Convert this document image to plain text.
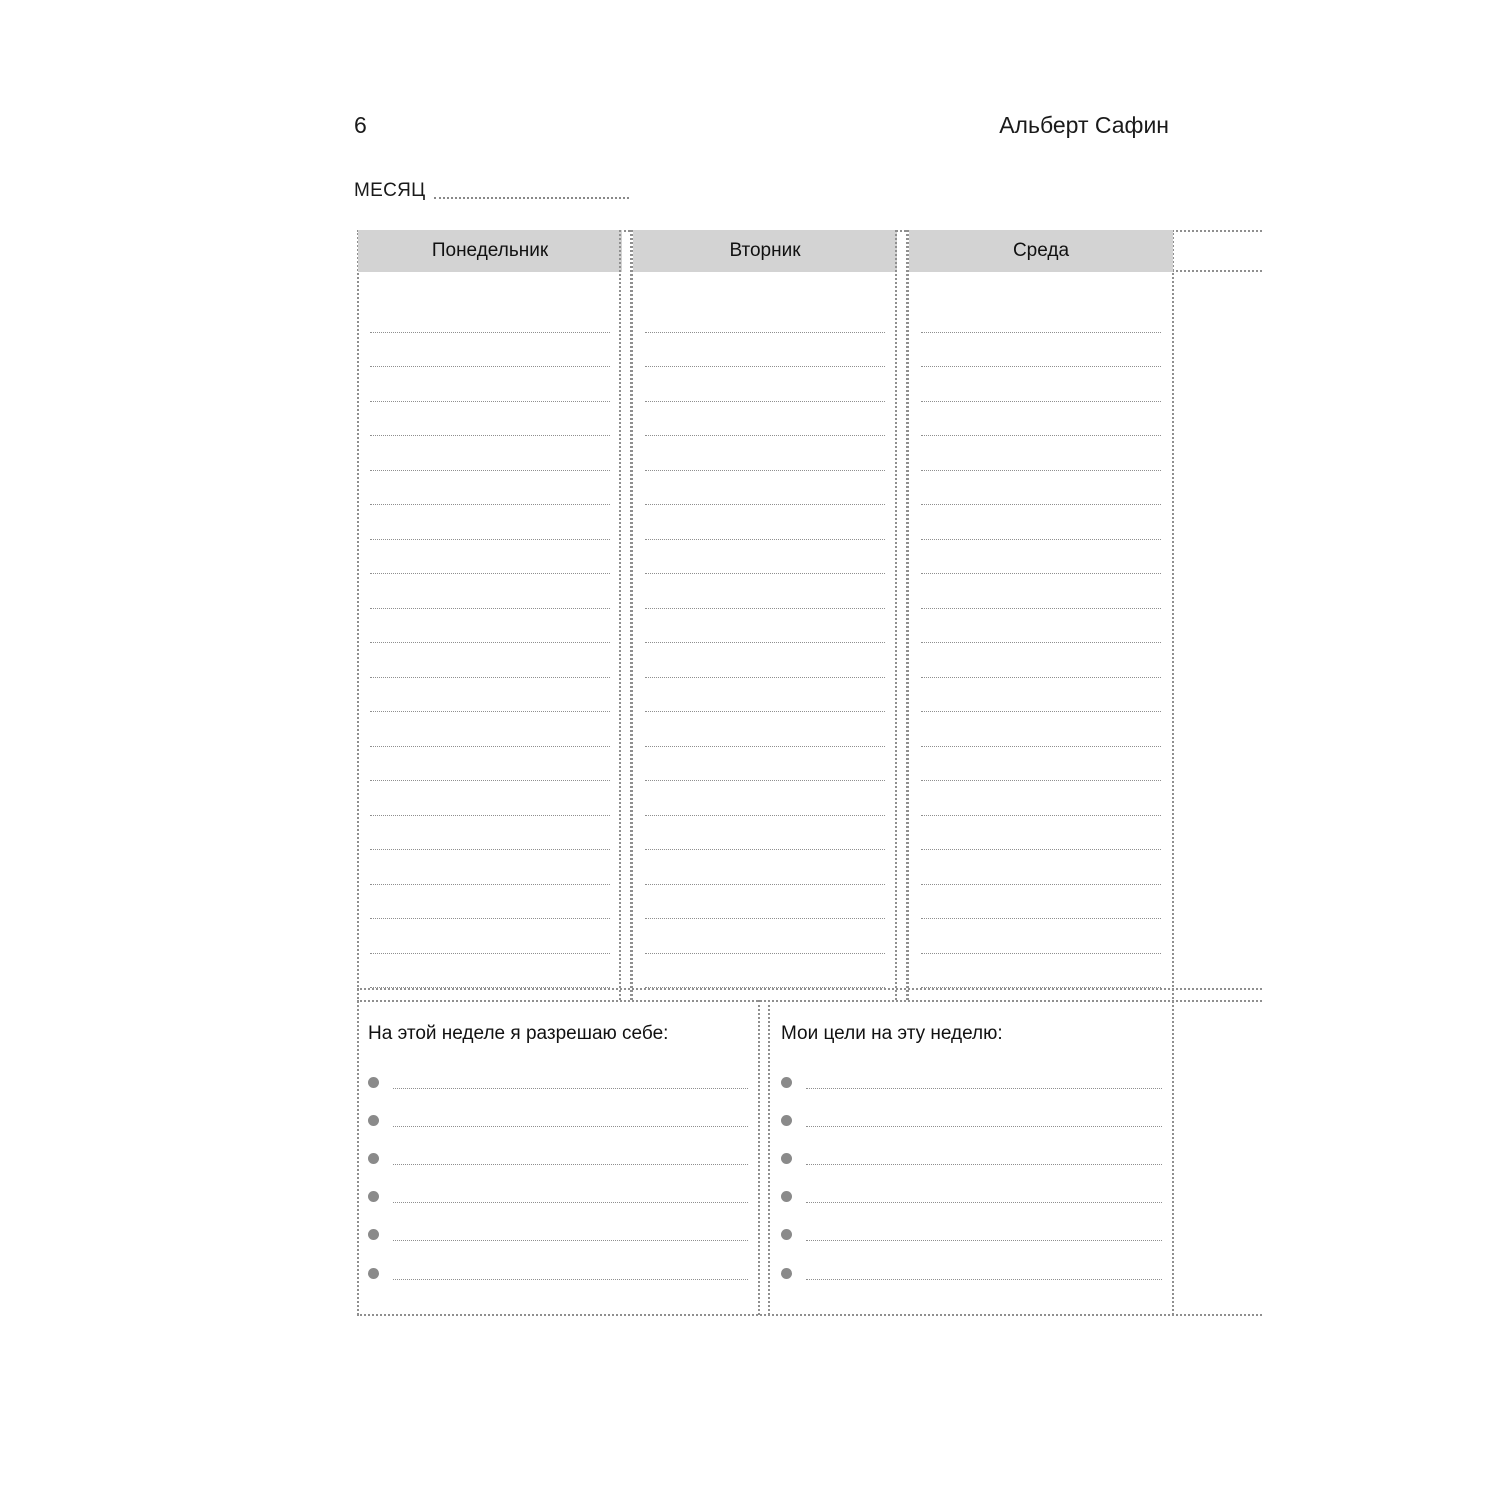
6	Альберт Сафин
МЕСЯЦ
Понедельник	Вторник	Среда
На этой неделе я разрешаю себе:	Мои цели на эту неделю:
